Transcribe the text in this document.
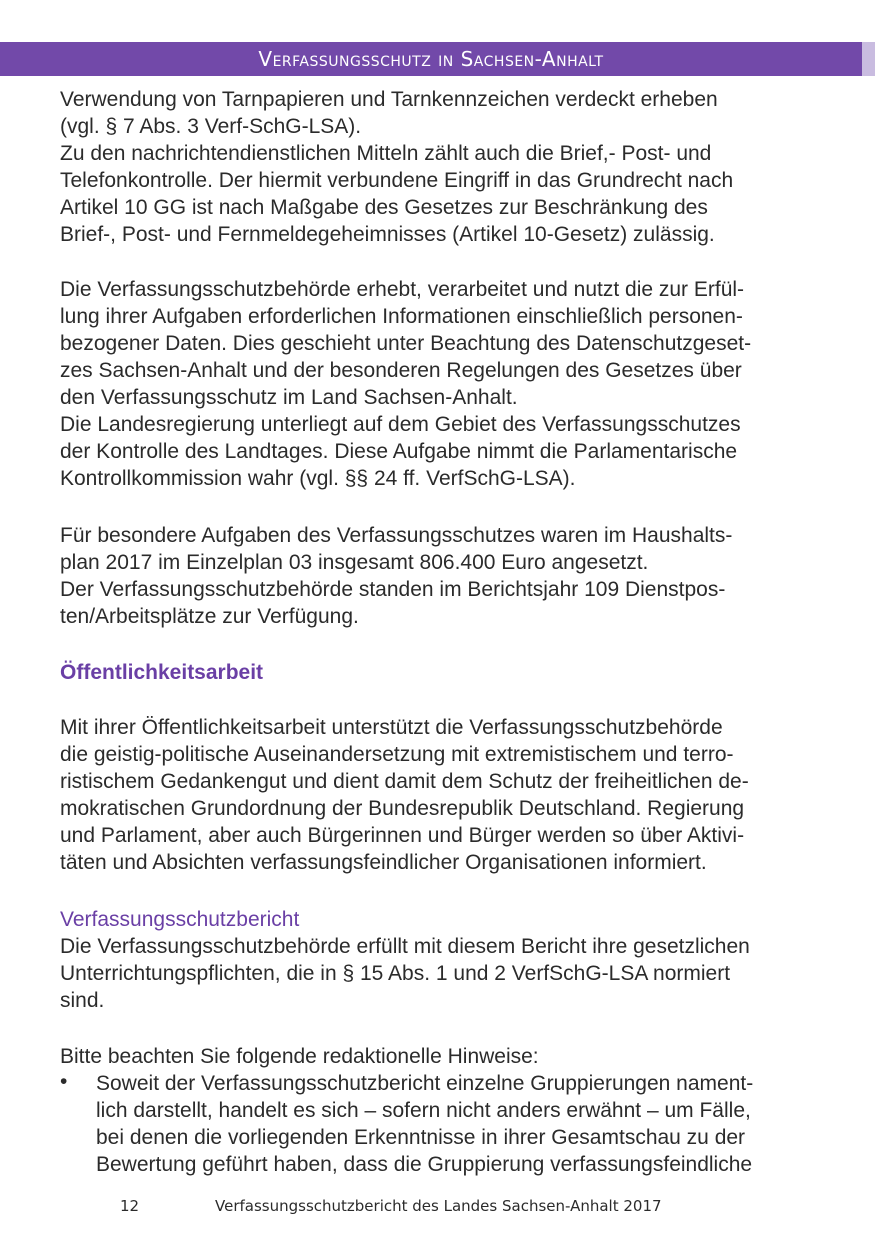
Verfassungsschutz in Sachsen-Anhalt
Verwendung von Tarnpapieren und Tarnkennzeichen verdeckt erheben
(vgl. § 7 Abs. 3 Verf-SchG-LSA).
Zu den nachrichtendienstlichen Mitteln zählt auch die Brief,- Post- und
Telefonkontrolle. Der hiermit verbundene Eingriff in das Grundrecht nach
Artikel 10 GG ist nach Maßgabe des Gesetzes zur Beschränkung des
Brief-, Post- und Fernmeldegeheimnisses (Artikel 10-Gesetz) zulässig.
Die Verfassungsschutzbehörde erhebt, verarbeitet und nutzt die zur Erfül-
lung ihrer Aufgaben erforderlichen Informationen einschließlich personen-
bezogener Daten. Dies geschieht unter Beachtung des Datenschutzgeset-
zes Sachsen-Anhalt und der besonderen Regelungen des Gesetzes über
den Verfassungsschutz im Land Sachsen-Anhalt.
Die Landesregierung unterliegt auf dem Gebiet des Verfassungsschutzes
der Kontrolle des Landtages. Diese Aufgabe nimmt die Parlamentarische
Kontrollkommission wahr (vgl. §§ 24 ff. VerfSchG-LSA).
Für besondere Aufgaben des Verfassungsschutzes waren im Haushalts-
plan 2017 im Einzelplan 03 insgesamt 806.400 Euro angesetzt.
Der Verfassungsschutzbehörde standen im Berichtsjahr 109 Dienstpos-
ten/Arbeitsplätze zur Verfügung.
Öffentlichkeitsarbeit
Mit ihrer Öffentlichkeitsarbeit unterstützt die Verfassungsschutzbehörde
die geistig-politische Auseinandersetzung mit extremistischem und terro-
ristischem Gedankengut und dient damit dem Schutz der freiheitlichen de-
mokratischen Grundordnung der Bundesrepublik Deutschland. Regierung
und Parlament, aber auch Bürgerinnen und Bürger werden so über Aktivi-
täten und Absichten verfassungsfeindlicher Organisationen informiert.
Verfassungsschutzbericht
Die Verfassungsschutzbehörde erfüllt mit diesem Bericht ihre gesetzlichen
Unterrichtungspflichten, die in § 15 Abs. 1 und 2 VerfSchG-LSA normiert
sind.
Bitte beachten Sie folgende redaktionelle Hinweise:
• Soweit der Verfassungsschutzbericht einzelne Gruppierungen nament-
lich darstellt, handelt es sich – sofern nicht anders erwähnt – um Fälle,
bei denen die vorliegenden Erkenntnisse in ihrer Gesamtschau zu der
Bewertung geführt haben, dass die Gruppierung verfassungsfeindliche
12	Verfassungsschutzbericht des Landes Sachsen-Anhalt 2017
